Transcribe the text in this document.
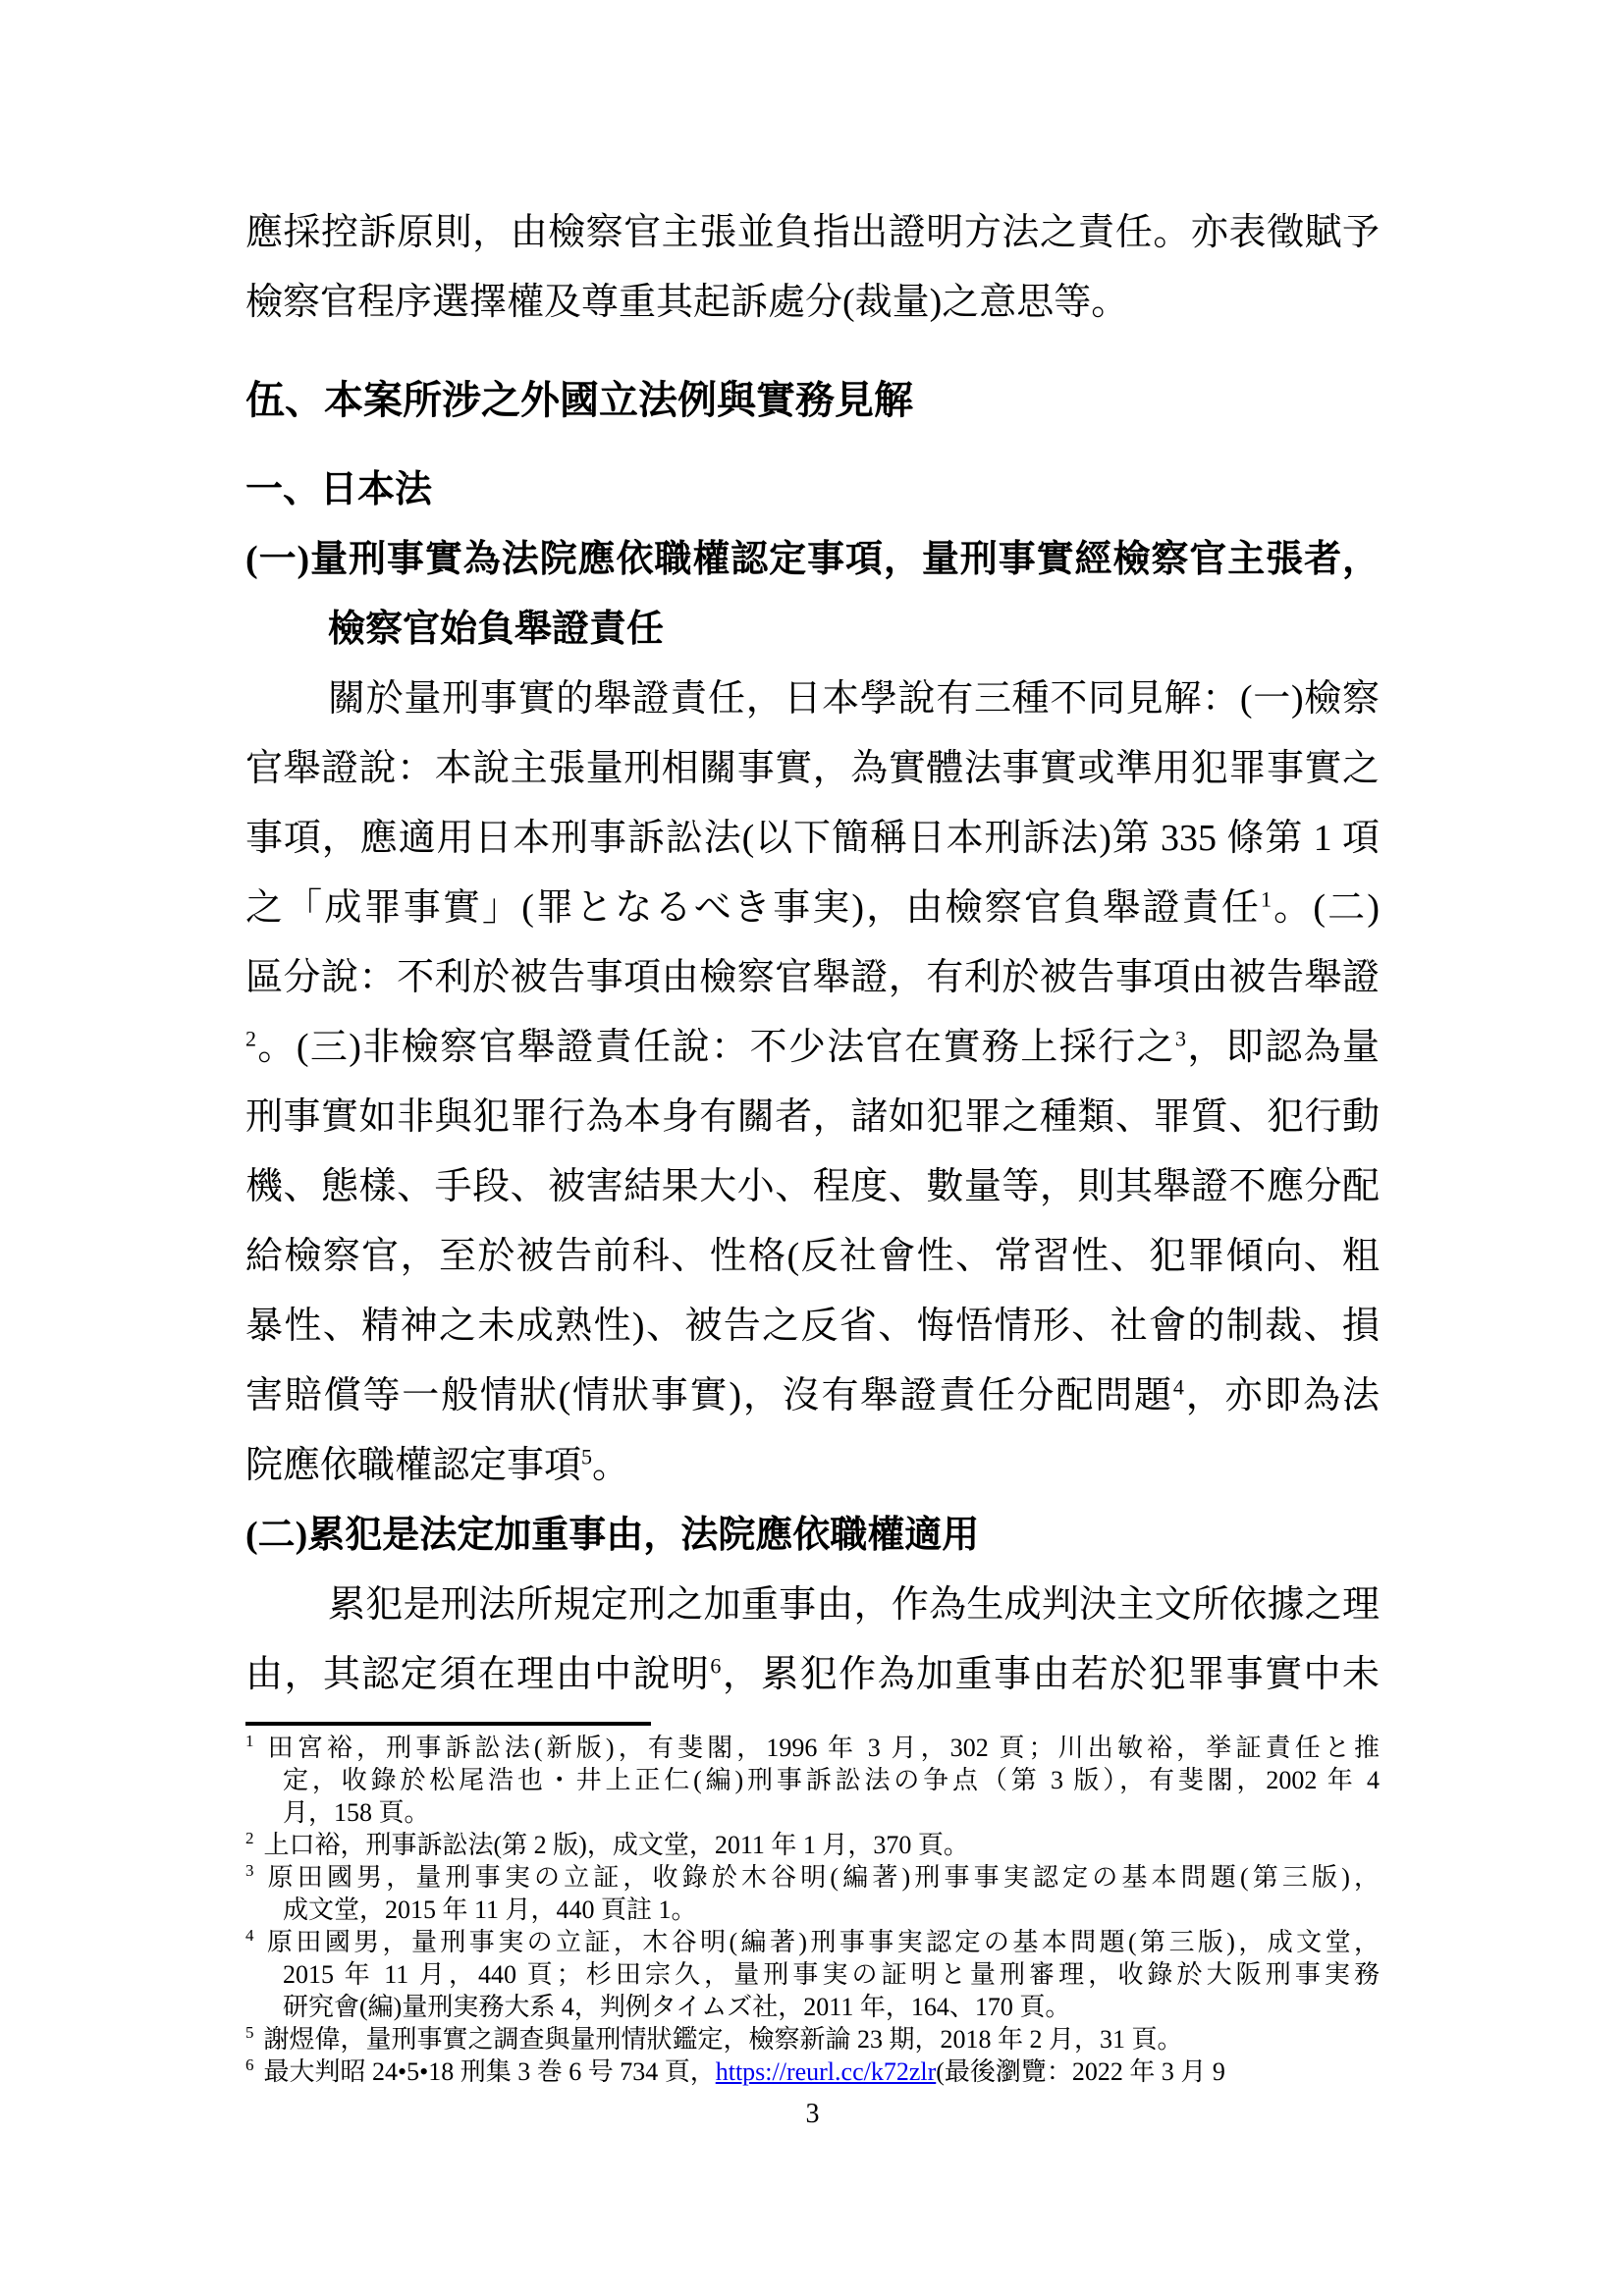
應採控訴原則，由檢察官主張並負指出證明方法之責任。亦表徵賦予
檢察官程序選擇權及尊重其起訴處分(裁量)之意思等。
伍、本案所涉之外國立法例與實務見解
一、日本法
(一)量刑事實為法院應依職權認定事項，量刑事實經檢察官主張者，
檢察官始負舉證責任
關於量刑事實的舉證責任，日本學說有三種不同見解：(一)檢察
官舉證說：本說主張量刑相關事實，為實體法事實或準用犯罪事實之
事項，應適用日本刑事訴訟法(以下簡稱日本刑訴法)第 335 條第 1 項
之「成罪事實」(罪となるべき事実)，由檢察官負舉證責任$^1$。(二)
區分說：不利於被告事項由檢察官舉證，有利於被告事項由被告舉證
$^2$。(三)非檢察官舉證責任說：不少法官在實務上採行之$^3$，即認為量
刑事實如非與犯罪行為本身有關者，諸如犯罪之種類、罪質、犯行動
機、態樣、手段、被害結果大小、程度、數量等，則其舉證不應分配
給檢察官，至於被告前科、性格(反社會性、常習性、犯罪傾向、粗
暴性、精神之未成熟性)、被告之反省、悔悟情形、社會的制裁、損
害賠償等一般情狀(情狀事實)，沒有舉證責任分配問題$^4$，亦即為法
院應依職權認定事項$^5$。
(二)累犯是法定加重事由，法院應依職權適用
累犯是刑法所規定刑之加重事由，作為生成判決主文所依據之理
由，其認定須在理由中說明$^6$，累犯作為加重事由若於犯罪事實中未
$^1$ 田宮裕，刑事訴訟法(新版)，有斐閣，1996 年 3 月，302 頁；川出敏裕，挙証責任と推
定，收錄於松尾浩也・井上正仁(編)刑事訴訟法の争点（第 3 版），有斐閣，2002 年 4
月，158 頁。
$^2$ 上口裕，刑事訴訟法(第 2 版)，成文堂，2011 年 1 月，370 頁。
$^3$ 原田國男，量刑事実の立証，收錄於木谷明(編著)刑事事実認定の基本問題(第三版)，
成文堂，2015 年 11 月，440 頁註 1。
$^4$ 原田國男，量刑事実の立証，木谷明(編著)刑事事実認定の基本問題(第三版)，成文堂，
2015 年 11 月，440 頁；杉田宗久，量刑事実の証明と量刑審理，收錄於大阪刑事実務
研究會(編)量刑実務大系 4，判例タイムズ社，2011 年，164、170 頁。
$^5$ 謝煜偉，量刑事實之調查與量刑情狀鑑定，檢察新論 23 期，2018 年 2 月，31 頁。
$^6$ 最大判昭 24•5•18 刑集 3 巻 6 号 734 頁，https://reurl.cc/k72zlr(最後瀏覽：2022 年 3 月 9
3
